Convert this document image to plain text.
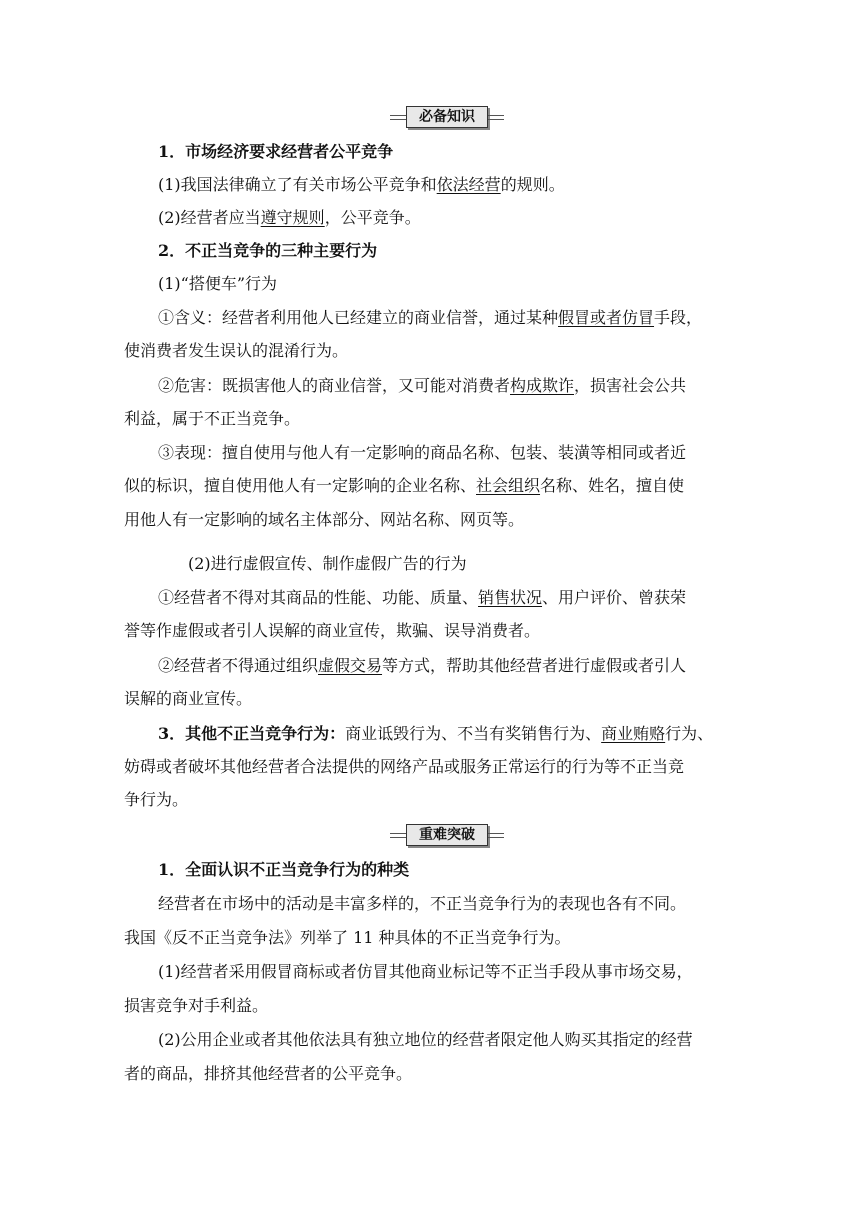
必备知识
1．市场经济要求经营者公平竞争
(1)我国法律确立了有关市场公平竞争和依法经营的规则。
(2)经营者应当遵守规则，公平竞争。
2．不正当竞争的三种主要行为
(1)“搭便车”行为
①含义：经营者利用他人已经建立的商业信誉，通过某种假冒或者仿冒手段，
使消费者发生误认的混淆行为。
②危害：既损害他人的商业信誉，又可能对消费者构成欺诈，损害社会公共
利益，属于不正当竞争。
③表现：擅自使用与他人有一定影响的商品名称、包装、装潢等相同或者近
似的标识，擅自使用他人有一定影响的企业名称、社会组织名称、姓名，擅自使
用他人有一定影响的域名主体部分、网站名称、网页等。
(2)进行虚假宣传、制作虚假广告的行为
①经营者不得对其商品的性能、功能、质量、销售状况、用户评价、曾获荣
誉等作虚假或者引人误解的商业宣传，欺骗、误导消费者。
②经营者不得通过组织虚假交易等方式，帮助其他经营者进行虚假或者引人
误解的商业宣传。
3．其他不正当竞争行为：商业诋毁行为、不当有奖销售行为、商业贿赂行为、
妨碍或者破坏其他经营者合法提供的网络产品或服务正常运行的行为等不正当竞
争行为。
重难突破
1．全面认识不正当竞争行为的种类
经营者在市场中的活动是丰富多样的，不正当竞争行为的表现也各有不同。
我国《反不正当竞争法》列举了 11 种具体的不正当竞争行为。
(1)经营者采用假冒商标或者仿冒其他商业标记等不正当手段从事市场交易，
损害竞争对手利益。
(2)公用企业或者其他依法具有独立地位的经营者限定他人购买其指定的经营
者的商品，排挤其他经营者的公平竞争。
